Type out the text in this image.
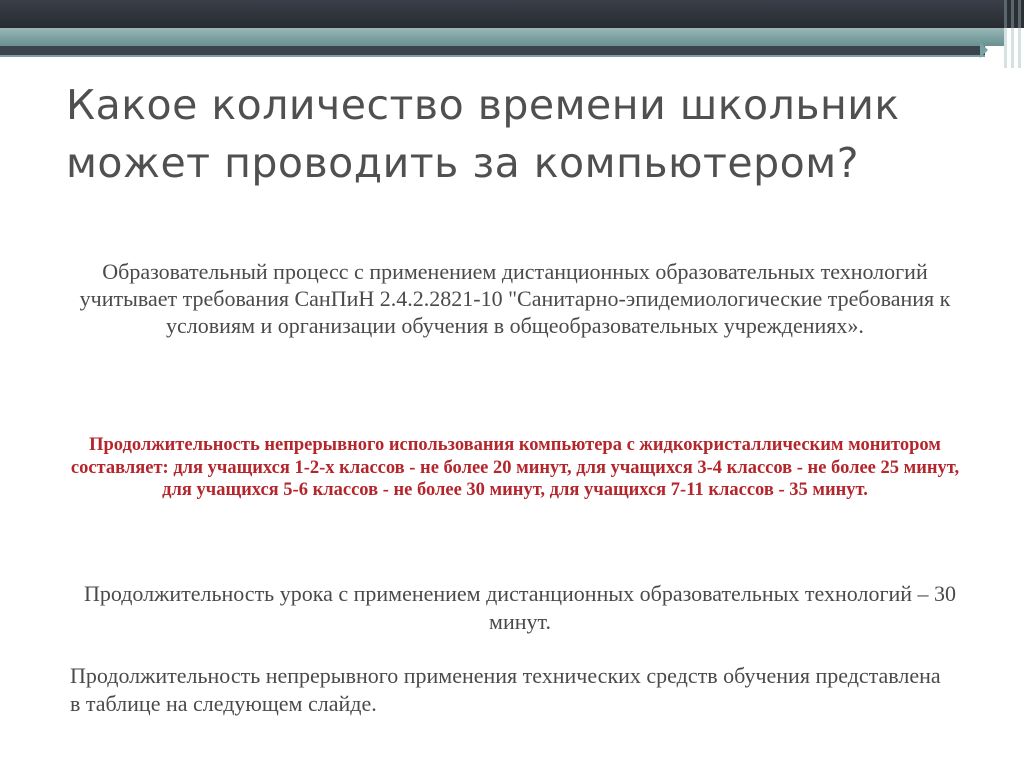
Какое количество времени школьник
может проводить за компьютером?
Образовательный процесс с применением дистанционных образовательных технологий учитывает требования СанПиН 2.4.2.2821-10 "Санитарно-эпидемиологические требования к условиям и организации обучения в общеобразовательных учреждениях».
Продолжительность непрерывного использования компьютера с жидкокристаллическим монитором составляет: для учащихся 1-2-х классов - не более 20 минут, для учащихся 3-4 классов - не более 25 минут, для учащихся 5-6 классов - не более 30 минут, для учащихся 7-11 классов - 35 минут.
Продолжительность урока с применением дистанционных образовательных технологий – 30 минут.
Продолжительность непрерывного применения технических средств обучения представлена в таблице на следующем слайде.
